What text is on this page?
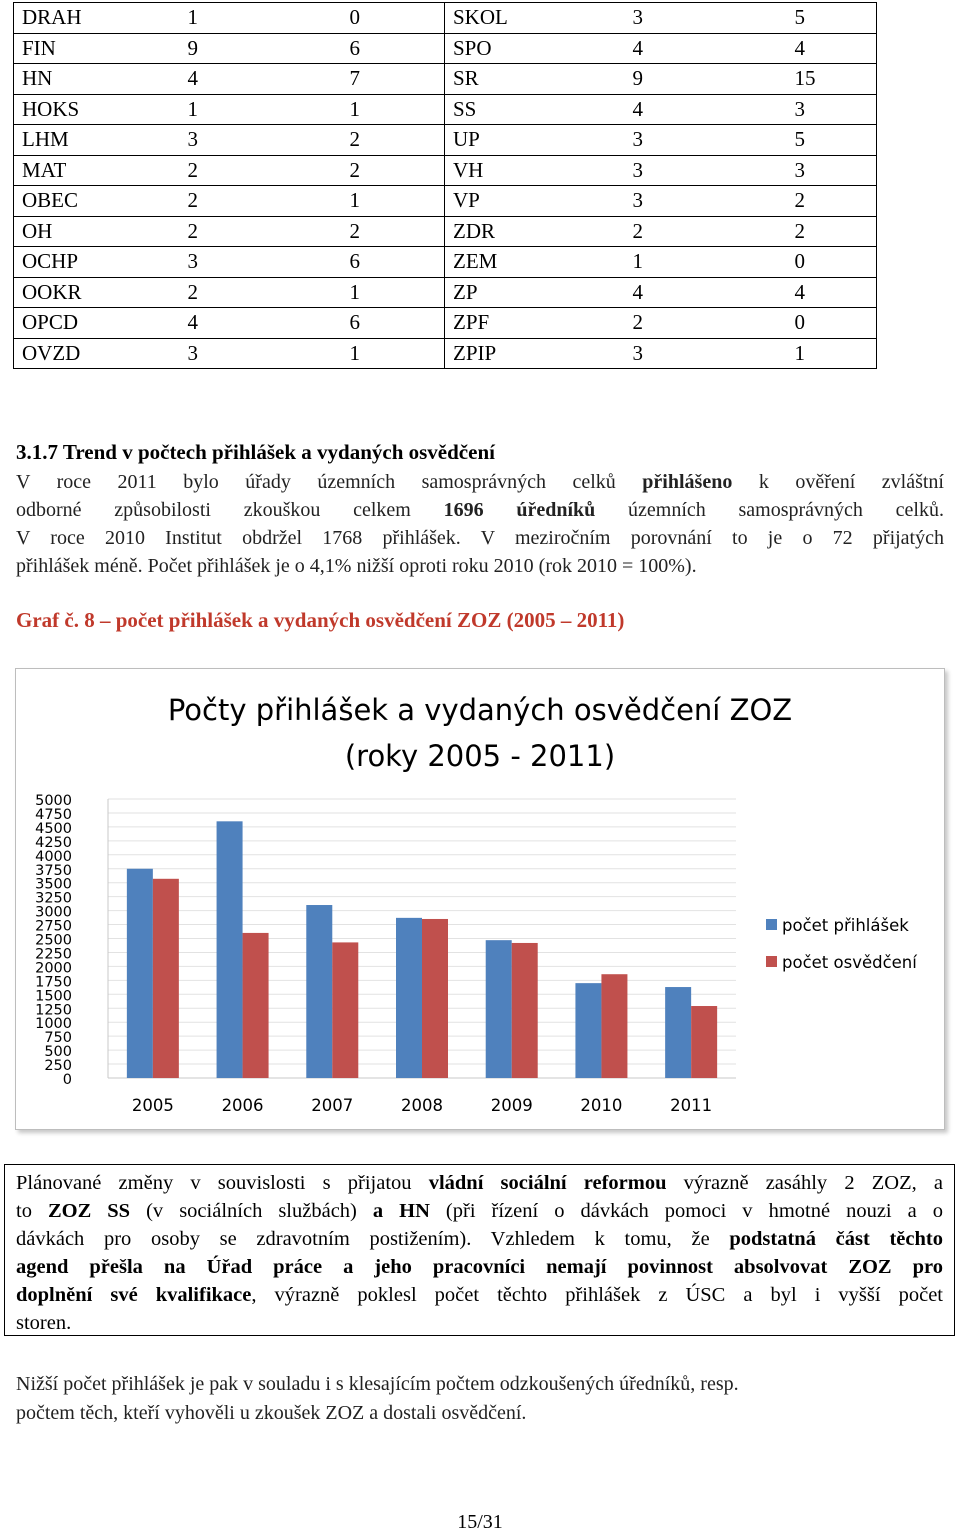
DRAH	1	0	SKOL	3	5
FIN	9	6	SPO	4	4
HN	4	7	SR	9	15
HOKS	1	1	SS	4	3
LHM	3	2	UP	3	5
MAT	2	2	VH	3	3
OBEC	2	1	VP	3	2
OH	2	2	ZDR	2	2
OCHP	3	6	ZEM	1	0
OOKR	2	1	ZP	4	4
OPCD	4	6	ZPF	2	0
OVZD	3	1	ZPIP	3	1
3.1.7 Trend v počtech přihlášek a vydaných osvědčení
V roce 2011 bylo úřady územních samosprávných celků přihlášeno k ověření zvláštní
odborné způsobilosti zkouškou celkem 1696 úředníků územních samosprávných celků.
V roce 2010 Institut obdržel 1768 přihlášek. V meziročním porovnání to je o 72 přijatých
přihlášek méně. Počet přihlášek je o 4,1% nižší oproti roku 2010 (rok 2010 = 100%).
Graf č. 8 – počet přihlášek a vydaných osvědčení ZOZ (2005 – 2011)
Počty přihlášek a vydaných osvědčení ZOZ
(roky 2005 - 2011)
5000
4750
4500
4250
4000
3750
3500
3250
3000
2750
2500
2250
2000
1750
1500
1250
1000
750
500
250
0
2005	2006	2007	2008	2009	2010	2011
počet přihlášek
počet osvědčení
Plánované změny v souvislosti s přijatou vládní sociální reformou výrazně zasáhly 2 ZOZ, a
to ZOZ SS (v sociálních službách) a HN (při řízení o dávkách pomoci v hmotné nouzi a o
dávkách pro osoby se zdravotním postižením). Vzhledem k tomu, že podstatná část těchto
agend přešla na Úřad práce a jeho pracovníci nemají povinnost absolvovat ZOZ pro
doplnění své kvalifikace, výrazně poklesl počet těchto přihlášek z ÚSC a byl i vyšší počet
storen.
Nižší počet přihlášek je pak v souladu i s klesajícím počtem odzkoušených úředníků, resp.
počtem těch, kteří vyhověli u zkoušek ZOZ a dostali osvědčení.
15/31
